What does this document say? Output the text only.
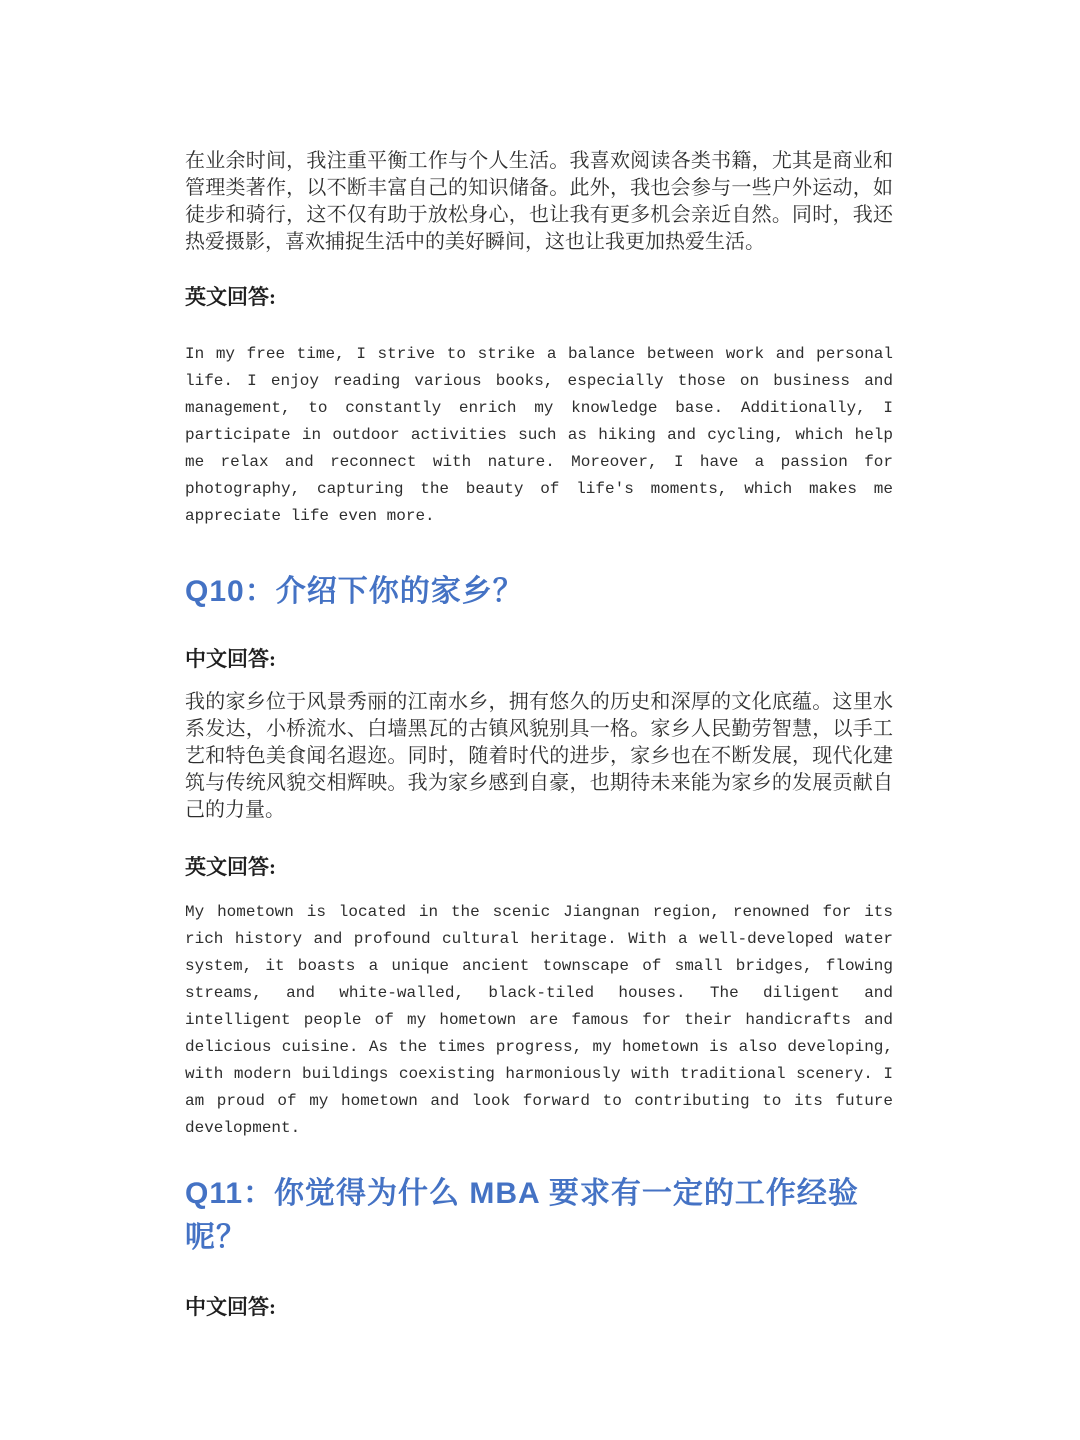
在业余时间，我注重平衡工作与个人生活。我喜欢阅读各类书籍，尤其是商业和管理类著作，以不断丰富自己的知识储备。此外，我也会参与一些户外运动，如徒步和骑行，这不仅有助于放松身心，也让我有更多机会亲近自然。同时，我还热爱摄影，喜欢捕捉生活中的美好瞬间，这也让我更加热爱生活。

英文回答:

In my free time, I strive to strike a balance between work and personal life. I enjoy reading various books, especially those on business and management, to constantly enrich my knowledge base. Additionally, I participate in outdoor activities such as hiking and cycling, which help me relax and reconnect with nature. Moreover, I have a passion for photography, capturing the beauty of life's moments, which makes me appreciate life even more.

Q10：介绍下你的家乡？

中文回答:

我的家乡位于风景秀丽的江南水乡，拥有悠久的历史和深厚的文化底蕴。这里水系发达，小桥流水、白墙黑瓦的古镇风貌别具一格。家乡人民勤劳智慧，以手工艺和特色美食闻名遐迩。同时，随着时代的进步，家乡也在不断发展，现代化建筑与传统风貌交相辉映。我为家乡感到自豪，也期待未来能为家乡的发展贡献自己的力量。

英文回答:

My hometown is located in the scenic Jiangnan region, renowned for its rich history and profound cultural heritage. With a well-developed water system, it boasts a unique ancient townscape of small bridges, flowing streams, and white-walled, black-tiled houses. The diligent and intelligent people of my hometown are famous for their handicrafts and delicious cuisine. As the times progress, my hometown is also developing, with modern buildings coexisting harmoniously with traditional scenery. I am proud of my hometown and look forward to contributing to its future development.

Q11：你觉得为什么 MBA 要求有一定的工作经验呢？

中文回答:
